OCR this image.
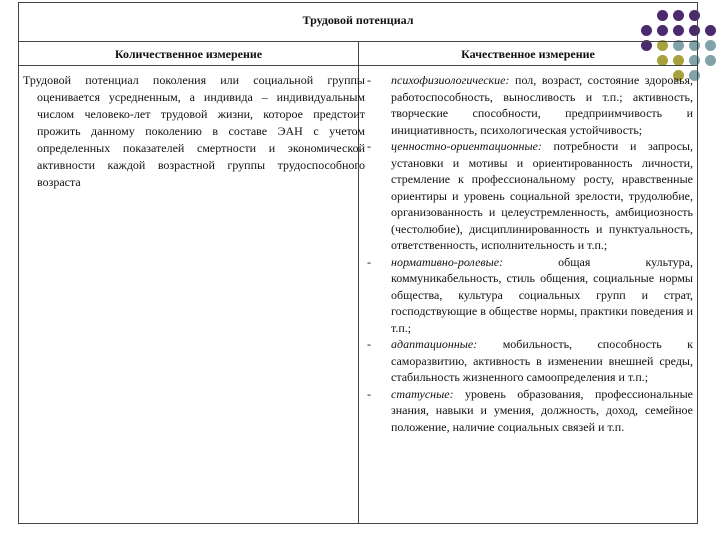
Трудовой потенциал
Количественное измерение	Качественное измерение
Трудовой потенциал поколения или социальной группы оценивается усредненным, а индивида – индивидуальным числом человеко-лет трудовой жизни, которое предстоит прожить данному поколению в составе ЭАН с учетом определенных показателей смертности и экономической активности каждой возрастной группы трудоспособного возраста

- психофизиологические: пол, возраст, состояние здоровья, работоспособность, выносливость и т.п.; активность, творческие способности, предприимчивость и инициативность, психологическая устойчивость;

- ценностно-ориентационные: потребности и запросы, установки и мотивы и ориентированность личности, стремление к профессиональному росту, нравственные ориентиры и уровень социальной зрелости, трудолюбие, организованность и целеустремленность, амбициозность (честолюбие), дисциплинированность и пунктуальность, ответственность, исполнительность и т.п.;

- нормативно-ролевые: общая культура, коммуникабельность, стиль общения, социальные нормы общества, культура социальных групп и страт, господствующие в обществе нормы, практики поведения и т.п.;

- адаптационные: мобильность, способность к саморазвитию, активность в изменении внешней среды, стабильность жизненного самоопределения и т.п.;

- статусные: уровень образования, профессиональные знания, навыки и умения, должность, доход, семейное положение, наличие социальных связей и т.п.
